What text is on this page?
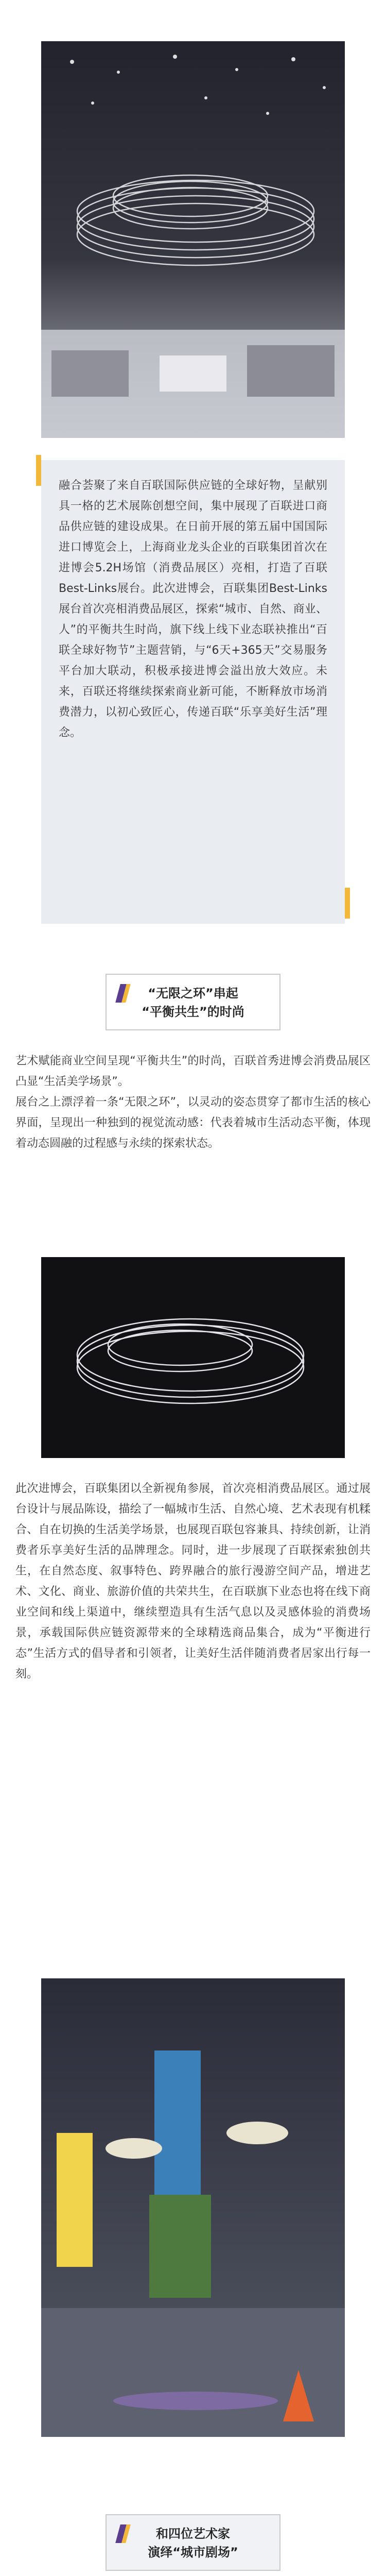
融合荟聚了来自百联国际供应链的全球好物，呈献别具一格的艺术展陈创想空间，集中展现了百联进口商品供应链的建设成果。在日前开展的第五届中国国际进口博览会上，上海商业龙头企业的百联集团首次在进博会5.2H场馆（消费品展区）亮相，打造了百联Best-Links展台。此次进博会，百联集团Best-Links展台首次亮相消费品展区，探索“城市、自然、商业、人”的平衡共生时尚，旗下线上线下业态联袂推出“百联全球好物节”主题营销，与“6天+365天”交易服务平台加大联动，积极承接进博会溢出放大效应。未来，百联还将继续探索商业新可能，不断释放市场消费潜力，以初心致匠心，传递百联“乐享美好生活”理念。

“无限之环”串起
“平衡共生”的时尚

艺术赋能商业空间呈现“平衡共生”的时尚，百联首秀进博会消费品展区凸显“生活美学场景”。

展台之上漂浮着一条“无限之环”，以灵动的姿态贯穿了都市生活的核心界面，呈现出一种独到的视觉流动感：代表着城市生活动态平衡，体现着动态圆融的过程感与永续的探索状态。

此次进博会，百联集团以全新视角参展，首次亮相消费品展区。通过展台设计与展品陈设，描绘了一幅城市生活、自然心境、艺术表现有机糅合、自在切换的生活美学场景，也展现百联包容兼具、持续创新，让消费者乐享美好生活的品牌理念。同时，进一步展现了百联探索独创共生，在自然态度、叙事特色、跨界融合的旅行漫游空间产品，增进艺术、文化、商业、旅游价值的共荣共生，在百联旗下业态也将在线下商业空间和线上渠道中，继续塑造具有生活气息以及灵感体验的消费场景，承载国际供应链资源带来的全球精选商品集合，成为“平衡进行态”生活方式的倡导者和引领者，让美好生活伴随消费者居家出行每一刻。

和四位艺术家
演绎“城市剧场”
